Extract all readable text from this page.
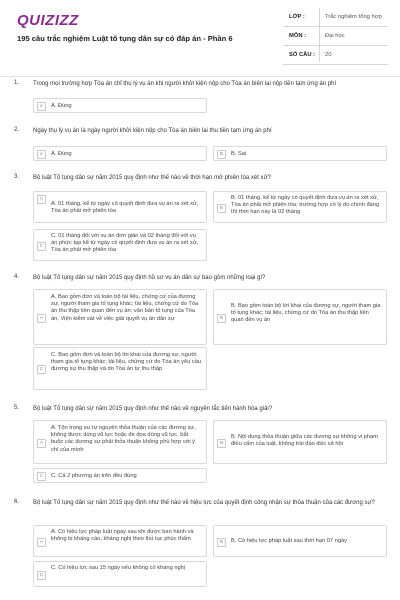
QUIZIZZ
195 câu trắc nghiệm Luật tố tụng dân sự có đáp án - Phần 6
LỚP :	Trắc nghiệm tổng hợp
MÔN :	Đại học
SỐ CÂU : 20
1. Trong mọi trường hợp Tòa án chỉ thụ lý vụ án khi người khởi kiện nộp cho Tòa án biên lai nộp tiền tạm ứng án phí
A	A. Đúng
2. Ngày thụ lý vụ án là ngày người khởi kiện nộp cho Tòa án biên lai thu tiền tạm ứng án phí
A	A. Đúng	B	B. Sai
3. Bộ luật Tố tụng dân sự năm 2015 quy định như thế nào về thời hạn mở phiên tòa xét xử?
A
A. 01 tháng, kể từ ngày có quyết định đưa vụ án ra xét xử, Tòa án phải mở phiên tòa	B
B. 01 tháng, kể từ ngày có quyết định đưa vụ án ra xét xử, Tòa án phải mở phiên tòa; trường hợp có lý do chính đáng thì thời hạn này là 02 tháng
C
C. 01 tháng đối với vụ án đơn giản và 02 tháng đối với vụ án phức tạp kể từ ngày có quyết định đưa vụ án ra xét xử, Tòa án phải mở phiên tòa
4. Bộ luật Tố tụng dân sự năm 2015 quy định hồ sơ vụ án dân sự bao gồm những loại gì?
A
A. Bao gồm đơn và toàn bộ tài liệu, chứng cứ của đương sự, người tham gia tố tụng khác; tài liệu, chứng cứ do Tòa án thu thập liên quan đến vụ án; văn bản tố tụng của Tòa án, Viện kiểm sát về việc giải quyết vụ án dân sự	B
B. Bao gồm toàn bộ lời khai của đương sự, người tham gia tố tụng khác; tài liệu, chứng cứ do Tòa án thu thập liên quan đến vụ án
C
C. Bao gồm đơn và toàn bộ lời khai của đương sự, người tham gia tố tụng khác; tài liệu, chứng cứ do Tòa án yêu cầu đương sự thu thập và do Tòa án tự thu thập
5. Bộ luật Tố tụng dân sự năm 2015 quy định như thế nào về nguyên tắc tiến hành hòa giải?
A
A. Tôn trọng sự tự nguyện thỏa thuận của các đương sự, không được dùng vũ lực hoặc đe dọa dùng vũ lực, bắt buộc các đương sự phải thỏa thuận không phù hợp với ý chí của mình
B
B. Nội dung thỏa thuận giữa các đương sự không vi phạm điều cấm của luật, không trái đạo đức xã hội
C	C. Cả 2 phương án trên đều đúng
6. Bộ luật Tố tụng dân sự năm 2015 quy định như thế nào về hiệu lực của quyết định công nhận sự thỏa thuận của các đương sự?
A
A. Có hiệu lực pháp luật ngay sau khi được ban hành và không bị kháng cáo, kháng nghị theo thủ tục phúc thẩm
B	B. Có hiệu lực pháp luật sau thời hạn 07 ngày
C
C. Có hiệu lực sau 15 ngày nếu không có kháng nghị
